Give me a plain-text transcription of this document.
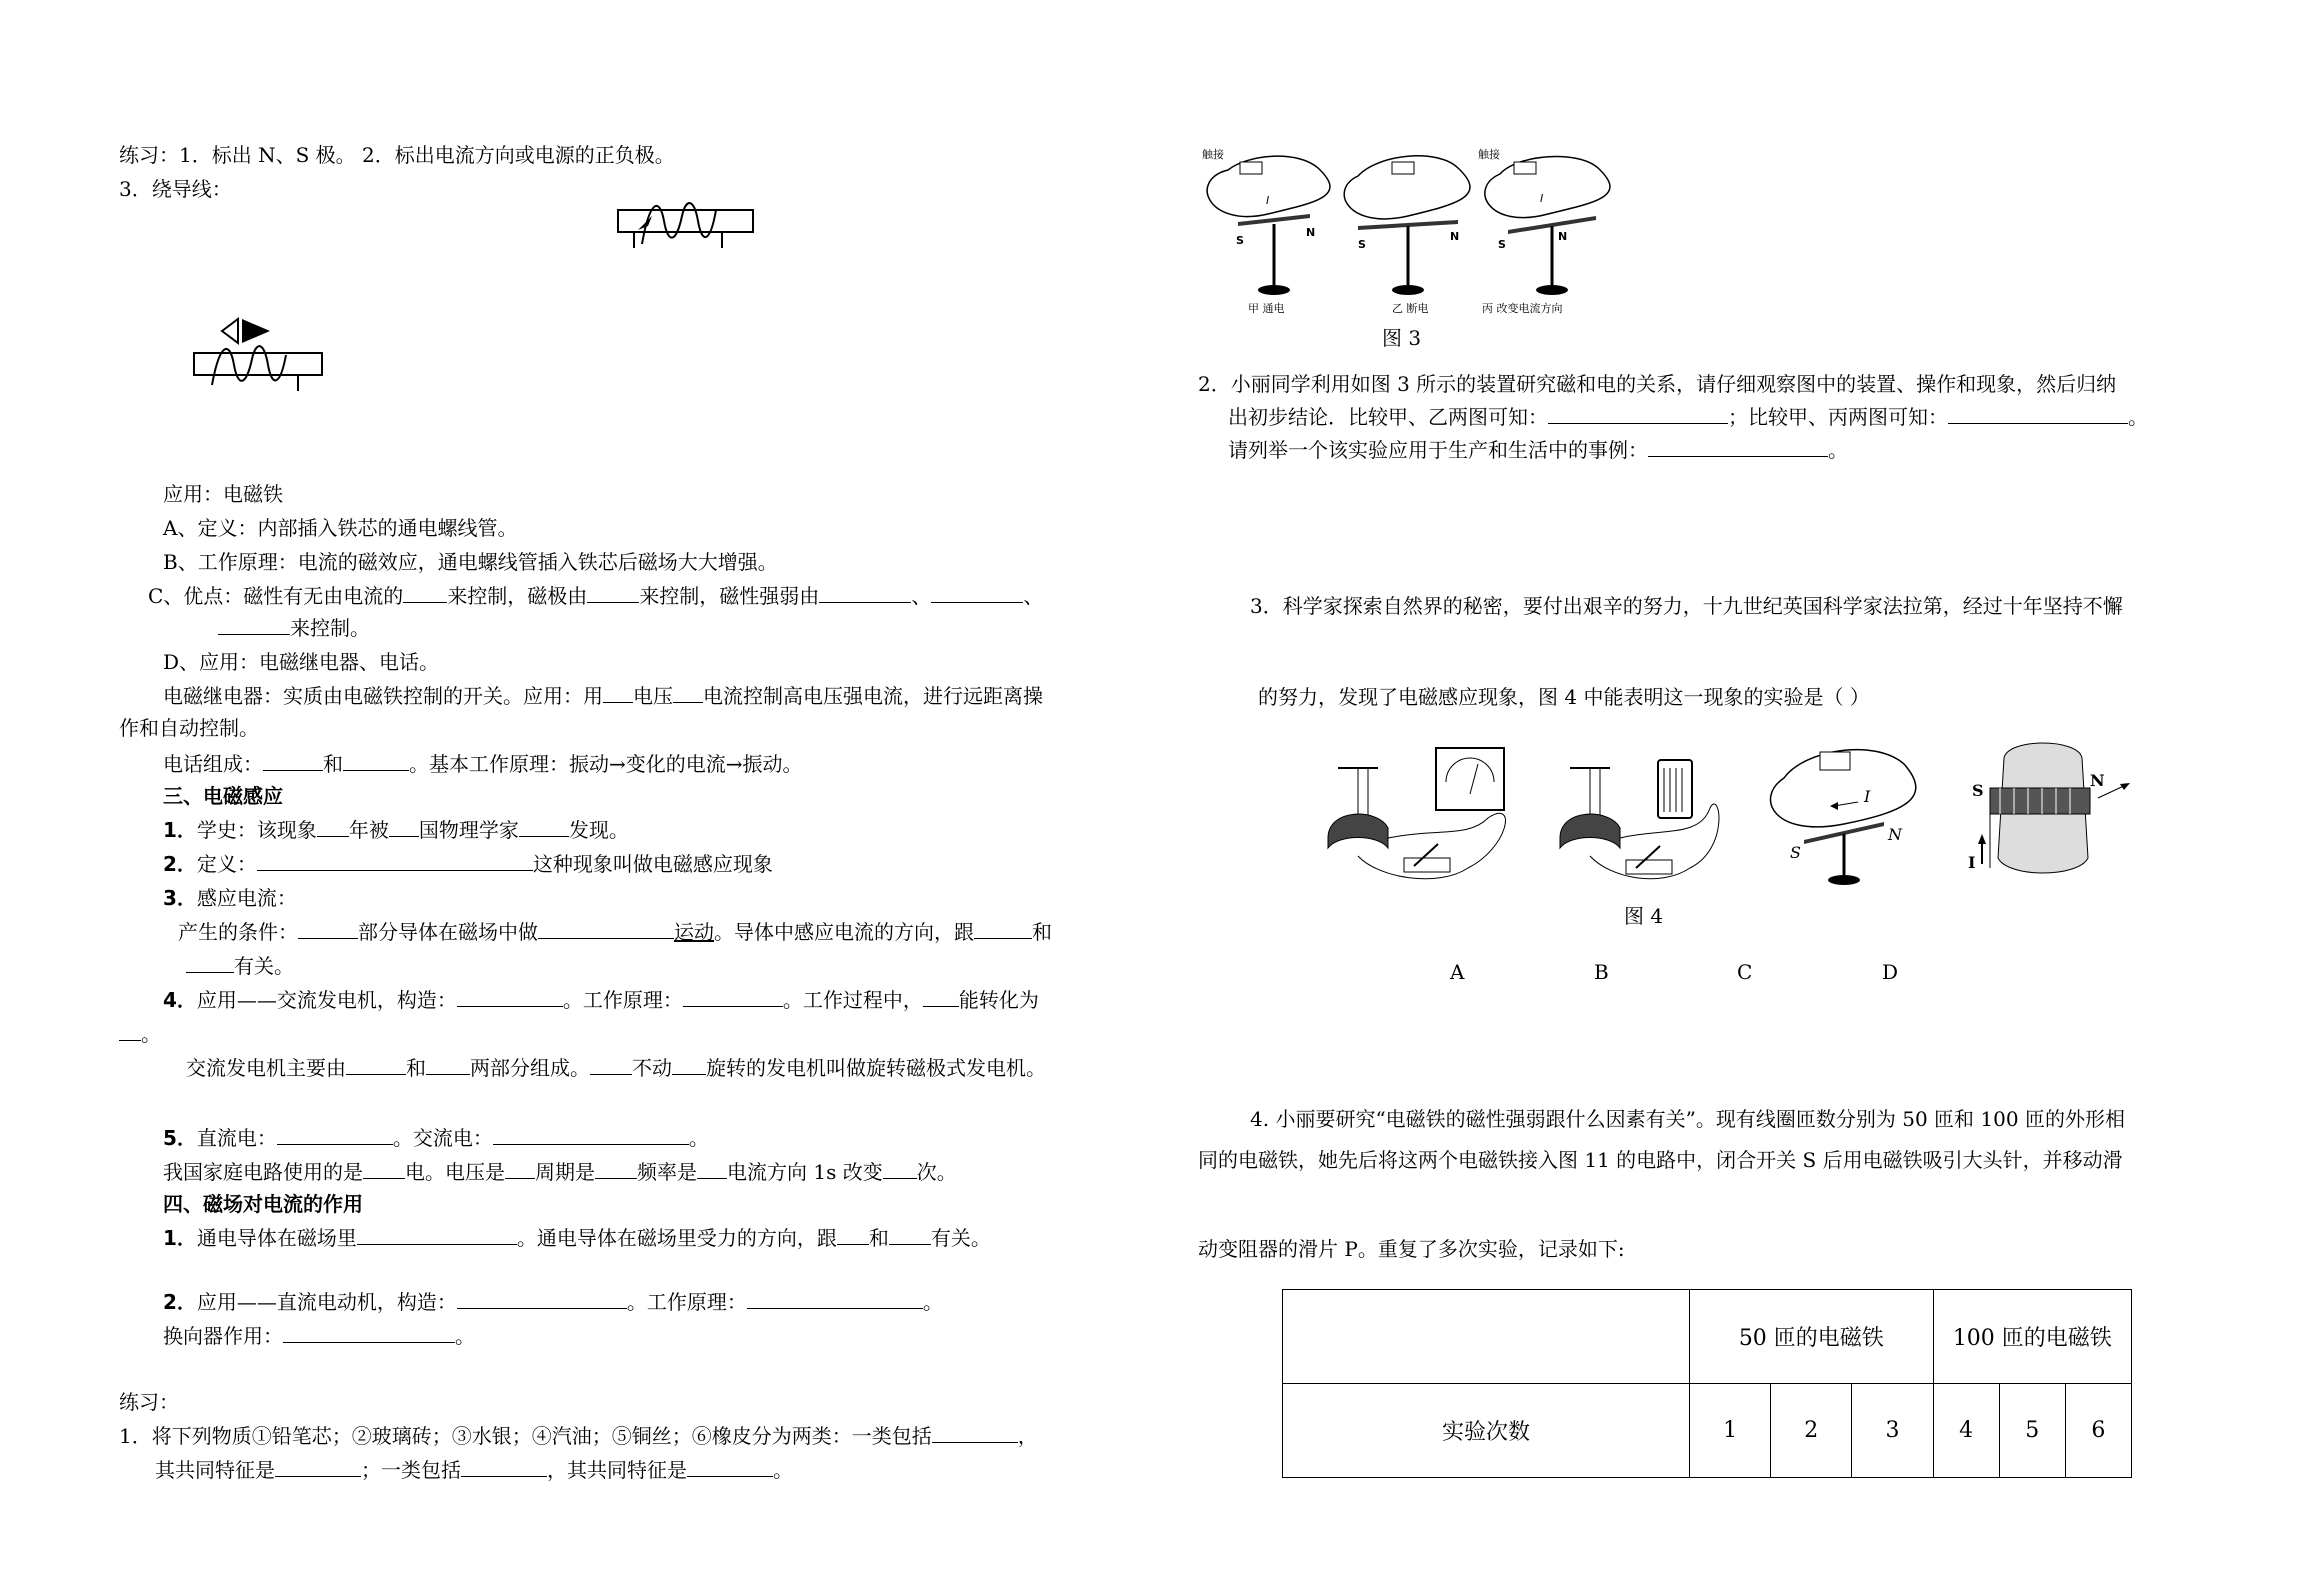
练习：1．标出 N、S 极。 2．标出电流方向或电源的正负极。
3．绕导线：
应用：电磁铁
A、定义：内部插入铁芯的通电螺线管。
B、工作原理：电流的磁效应，通电螺线管插入铁芯后磁场大大增强。
C、优点：磁性有无由电流的 来控制，磁极由	来控制，磁性强弱由	、	、
来控制。
D、应用：电磁继电器、电话。
电磁继电器：实质由电磁铁控制的开关。应用：用 电压 电流控制高电压强电流，进行远距离操
作和自动控制。
电话组成：	和	。基本工作原理：振动→变化的电流→振动。
三、电磁感应
1．学史：该现象 年被 国物理学家	发现。
2．定义：	这种现象叫做电磁感应现象
3．感应电流：
产生的条件：	部分导体在磁场中做	运动。导体中感应电流的方向，跟	和
有关。
4．应用——交流发电机，构造：	。工作原理：	。工作过程中， 能转化为
。
交流发电机主要由	和 两部分组成。 不动 旋转的发电机叫做旋转磁极式发电机。
5．直流电：	。交流电：	。
我国家庭电路使用的是 电。电压是 周期是 频率是 电流方向 1s 改变 次。
四、磁场对电流的作用
1．通电导体在磁场里	。通电导体在磁场里受力的方向，跟 和 有关。
2．应用——直流电动机，构造：	。工作原理：	。
换向器作用：	。
练习：
1．将下列物质①铅笔芯；②玻璃砖；③水银；④汽油；⑤铜丝；⑥橡皮分为两类：一类包括	，
其共同特征是	；一类包括	，其共同特征是	。
触接
S
N
I
甲 通电
S
N
乙 断电
触接
S
N
I
丙 改变电流方向
图 3
2．小丽同学利用如图 3 所示的装置研究磁和电的关系，请仔细观察图中的装置、操作和现象，然后归纳
出初步结论．比较甲、乙两图可知：	；比较甲、丙两图可知：	。
请列举一个该实验应用于生产和生活中的事例：	。
3．科学家探索自然界的秘密，要付出艰辛的努力，十九世纪英国科学家法拉第，经过十年坚持不懈
的努力，发现了电磁感应现象，图 4 中能表明这一现象的实验是（ ）
I
S
N
S
N
I
图 4
A	B	C	D
4. 小丽要研究“电磁铁的磁性强弱跟什么因素有关”。现有线圈匝数分别为 50 匝和 100 匝的外形相
同的电磁铁，她先后将这两个电磁铁接入图 11 的电路中，闭合开关 S 后用电磁铁吸引大头针，并移动滑
动变阻器的滑片 P。重复了多次实验，记录如下:
	50 匝的电磁铁			100 匝的电磁铁		
实验次数	1	2	3	4	5	6
